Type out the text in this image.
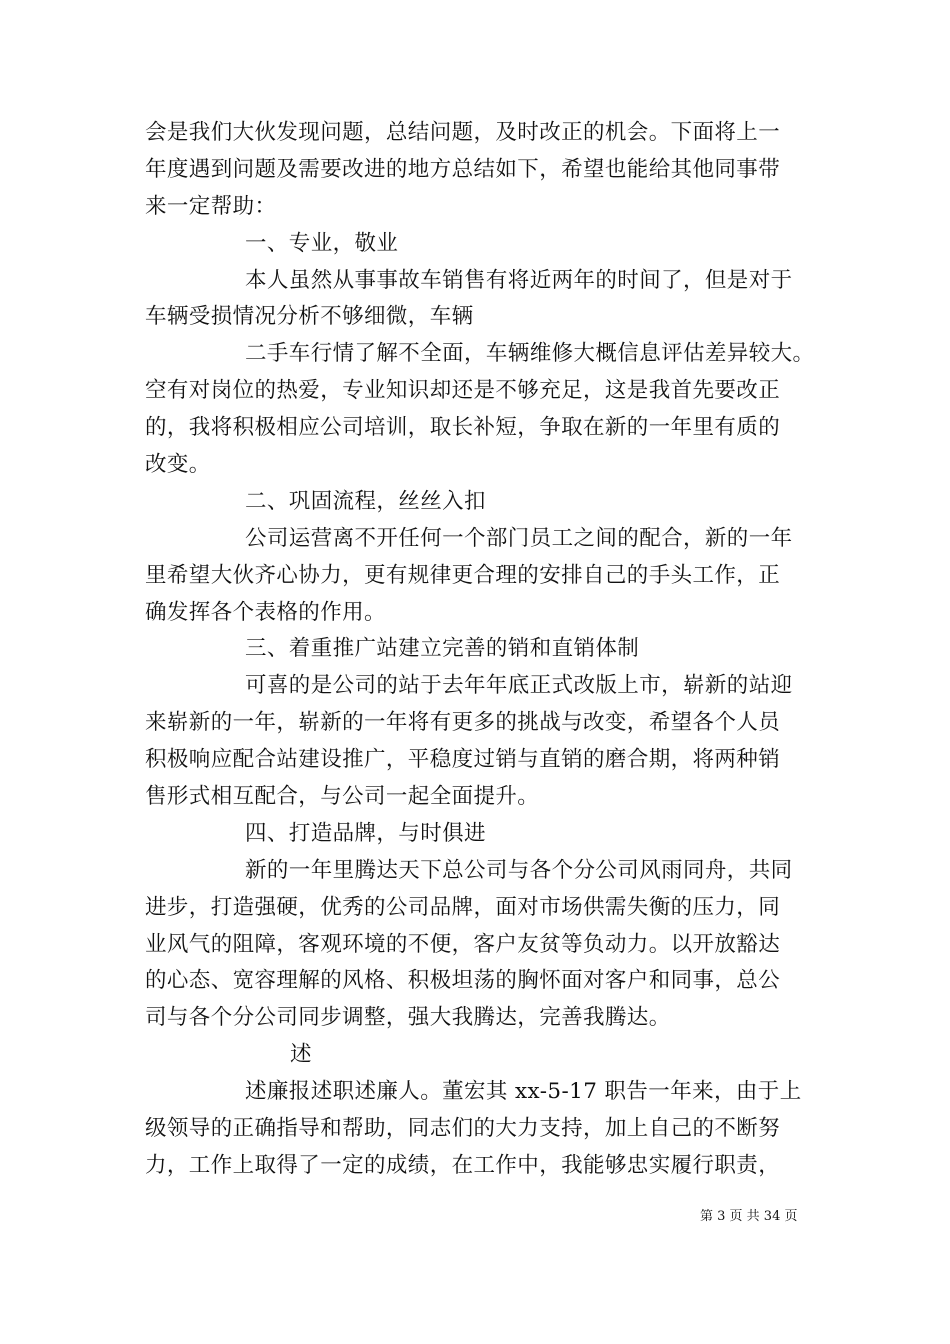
会是我们大伙发现问题，总结问题，及时改正的机会。下面将上一
年度遇到问题及需要改进的地方总结如下，希望也能给其他同事带
来一定帮助：
一、专业，敬业
本人虽然从事事故车销售有将近两年的时间了，但是对于
车辆受损情况分析不够细微，车辆
二手车行情了解不全面，车辆维修大概信息评估差异较大。
空有对岗位的热爱，专业知识却还是不够充足，这是我首先要改正
的，我将积极相应公司培训，取长补短，争取在新的一年里有质的
改变。
二、巩固流程，丝丝入扣
公司运营离不开任何一个部门员工之间的配合，新的一年
里希望大伙齐心协力，更有规律更合理的安排自己的手头工作，正
确发挥各个表格的作用。
三、着重推广站建立完善的销和直销体制
可喜的是公司的站于去年年底正式改版上市，崭新的站迎
来崭新的一年，崭新的一年将有更多的挑战与改变，希望各个人员
积极响应配合站建设推广，平稳度过销与直销的磨合期，将两种销
售形式相互配合，与公司一起全面提升。
四、打造品牌，与时俱进
新的一年里腾达天下总公司与各个分公司风雨同舟，共同
进步，打造强硬，优秀的公司品牌，面对市场供需失衡的压力，同
业风气的阻障，客观环境的不便，客户友贫等负动力。以开放豁达
的心态、宽容理解的风格、积极坦荡的胸怀面对客户和同事，总公
司与各个分公司同步调整，强大我腾达，完善我腾达。
述
述廉报述职述廉人。董宏其 xx-5-17 职告一年来，由于上
级领导的正确指导和帮助，同志们的大力支持，加上自己的不断努
力，工作上取得了一定的成绩，在工作中，我能够忠实履行职责，
第 3 页 共 34 页
